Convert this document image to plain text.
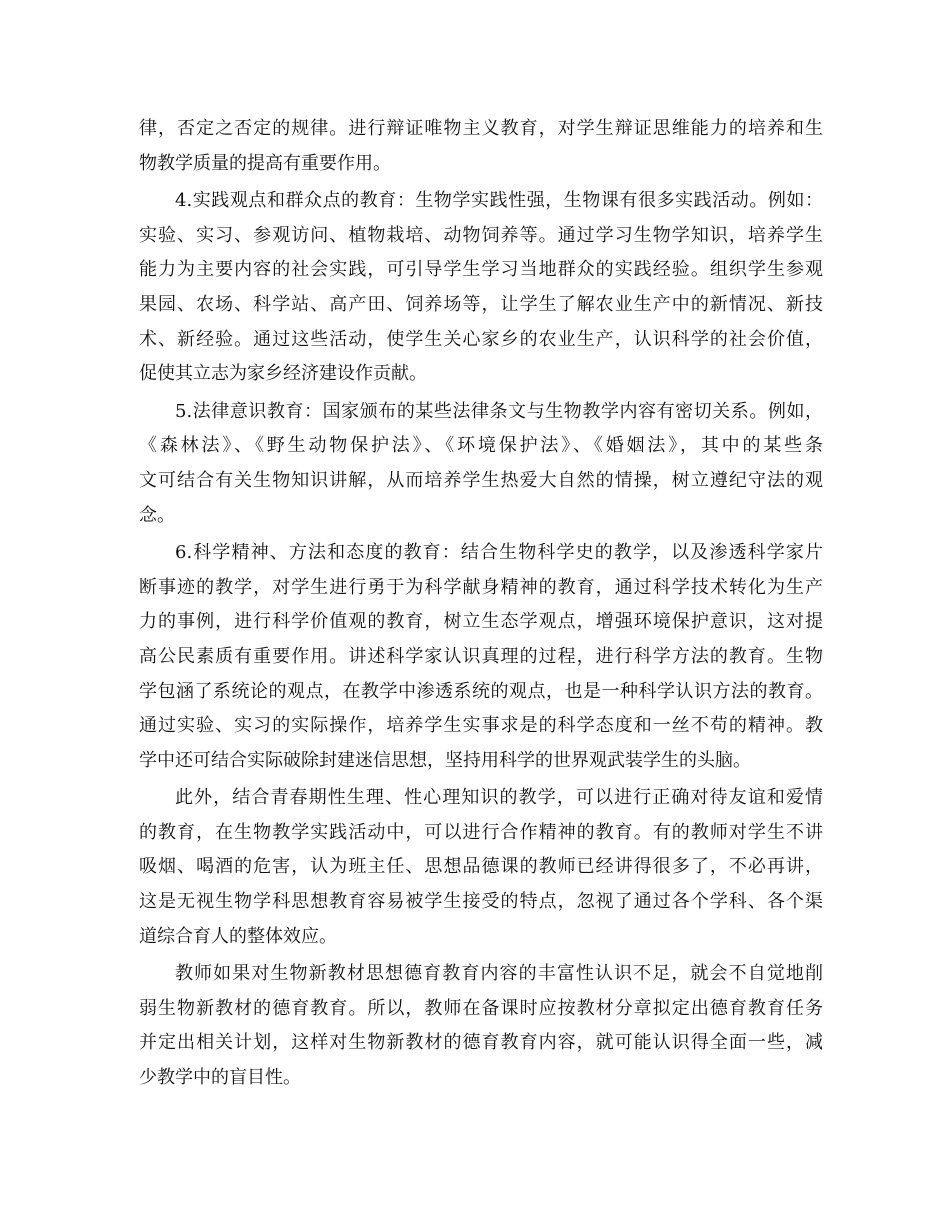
律，否定之否定的规律。进行辩证唯物主义教育，对学生辩证思维能力的培养和生
物教学质量的提高有重要作用。
4.实践观点和群众点的教育：生物学实践性强，生物课有很多实践活动。例如：
实验、实习、参观访问、植物栽培、动物饲养等。通过学习生物学知识，培养学生
能力为主要内容的社会实践，可引导学生学习当地群众的实践经验。组织学生参观
果园、农场、科学站、高产田、饲养场等，让学生了解农业生产中的新情况、新技
术、新经验。通过这些活动，使学生关心家乡的农业生产，认识科学的社会价值，
促使其立志为家乡经济建设作贡献。
5.法律意识教育：国家颁布的某些法律条文与生物教学内容有密切关系。例如，
《森林法》、《野生动物保护法》、《环境保护法》、《婚姻法》，其中的某些条
文可结合有关生物知识讲解，从而培养学生热爱大自然的情操，树立遵纪守法的观
念。
6.科学精神、方法和态度的教育：结合生物科学史的教学，以及渗透科学家片
断事迹的教学，对学生进行勇于为科学献身精神的教育，通过科学技术转化为生产
力的事例，进行科学价值观的教育，树立生态学观点，增强环境保护意识，这对提
高公民素质有重要作用。讲述科学家认识真理的过程，进行科学方法的教育。生物
学包涵了系统论的观点，在教学中渗透系统的观点，也是一种科学认识方法的教育。
通过实验、实习的实际操作，培养学生实事求是的科学态度和一丝不苟的精神。教
学中还可结合实际破除封建迷信思想，坚持用科学的世界观武装学生的头脑。
此外，结合青春期性生理、性心理知识的教学，可以进行正确对待友谊和爱情
的教育，在生物教学实践活动中，可以进行合作精神的教育。有的教师对学生不讲
吸烟、喝酒的危害，认为班主任、思想品德课的教师已经讲得很多了，不必再讲，
这是无视生物学科思想教育容易被学生接受的特点，忽视了通过各个学科、各个渠
道综合育人的整体效应。
教师如果对生物新教材思想德育教育内容的丰富性认识不足，就会不自觉地削
弱生物新教材的德育教育。所以，教师在备课时应按教材分章拟定出德育教育任务
并定出相关计划，这样对生物新教材的德育教育内容，就可能认识得全面一些，减
少教学中的盲目性。
